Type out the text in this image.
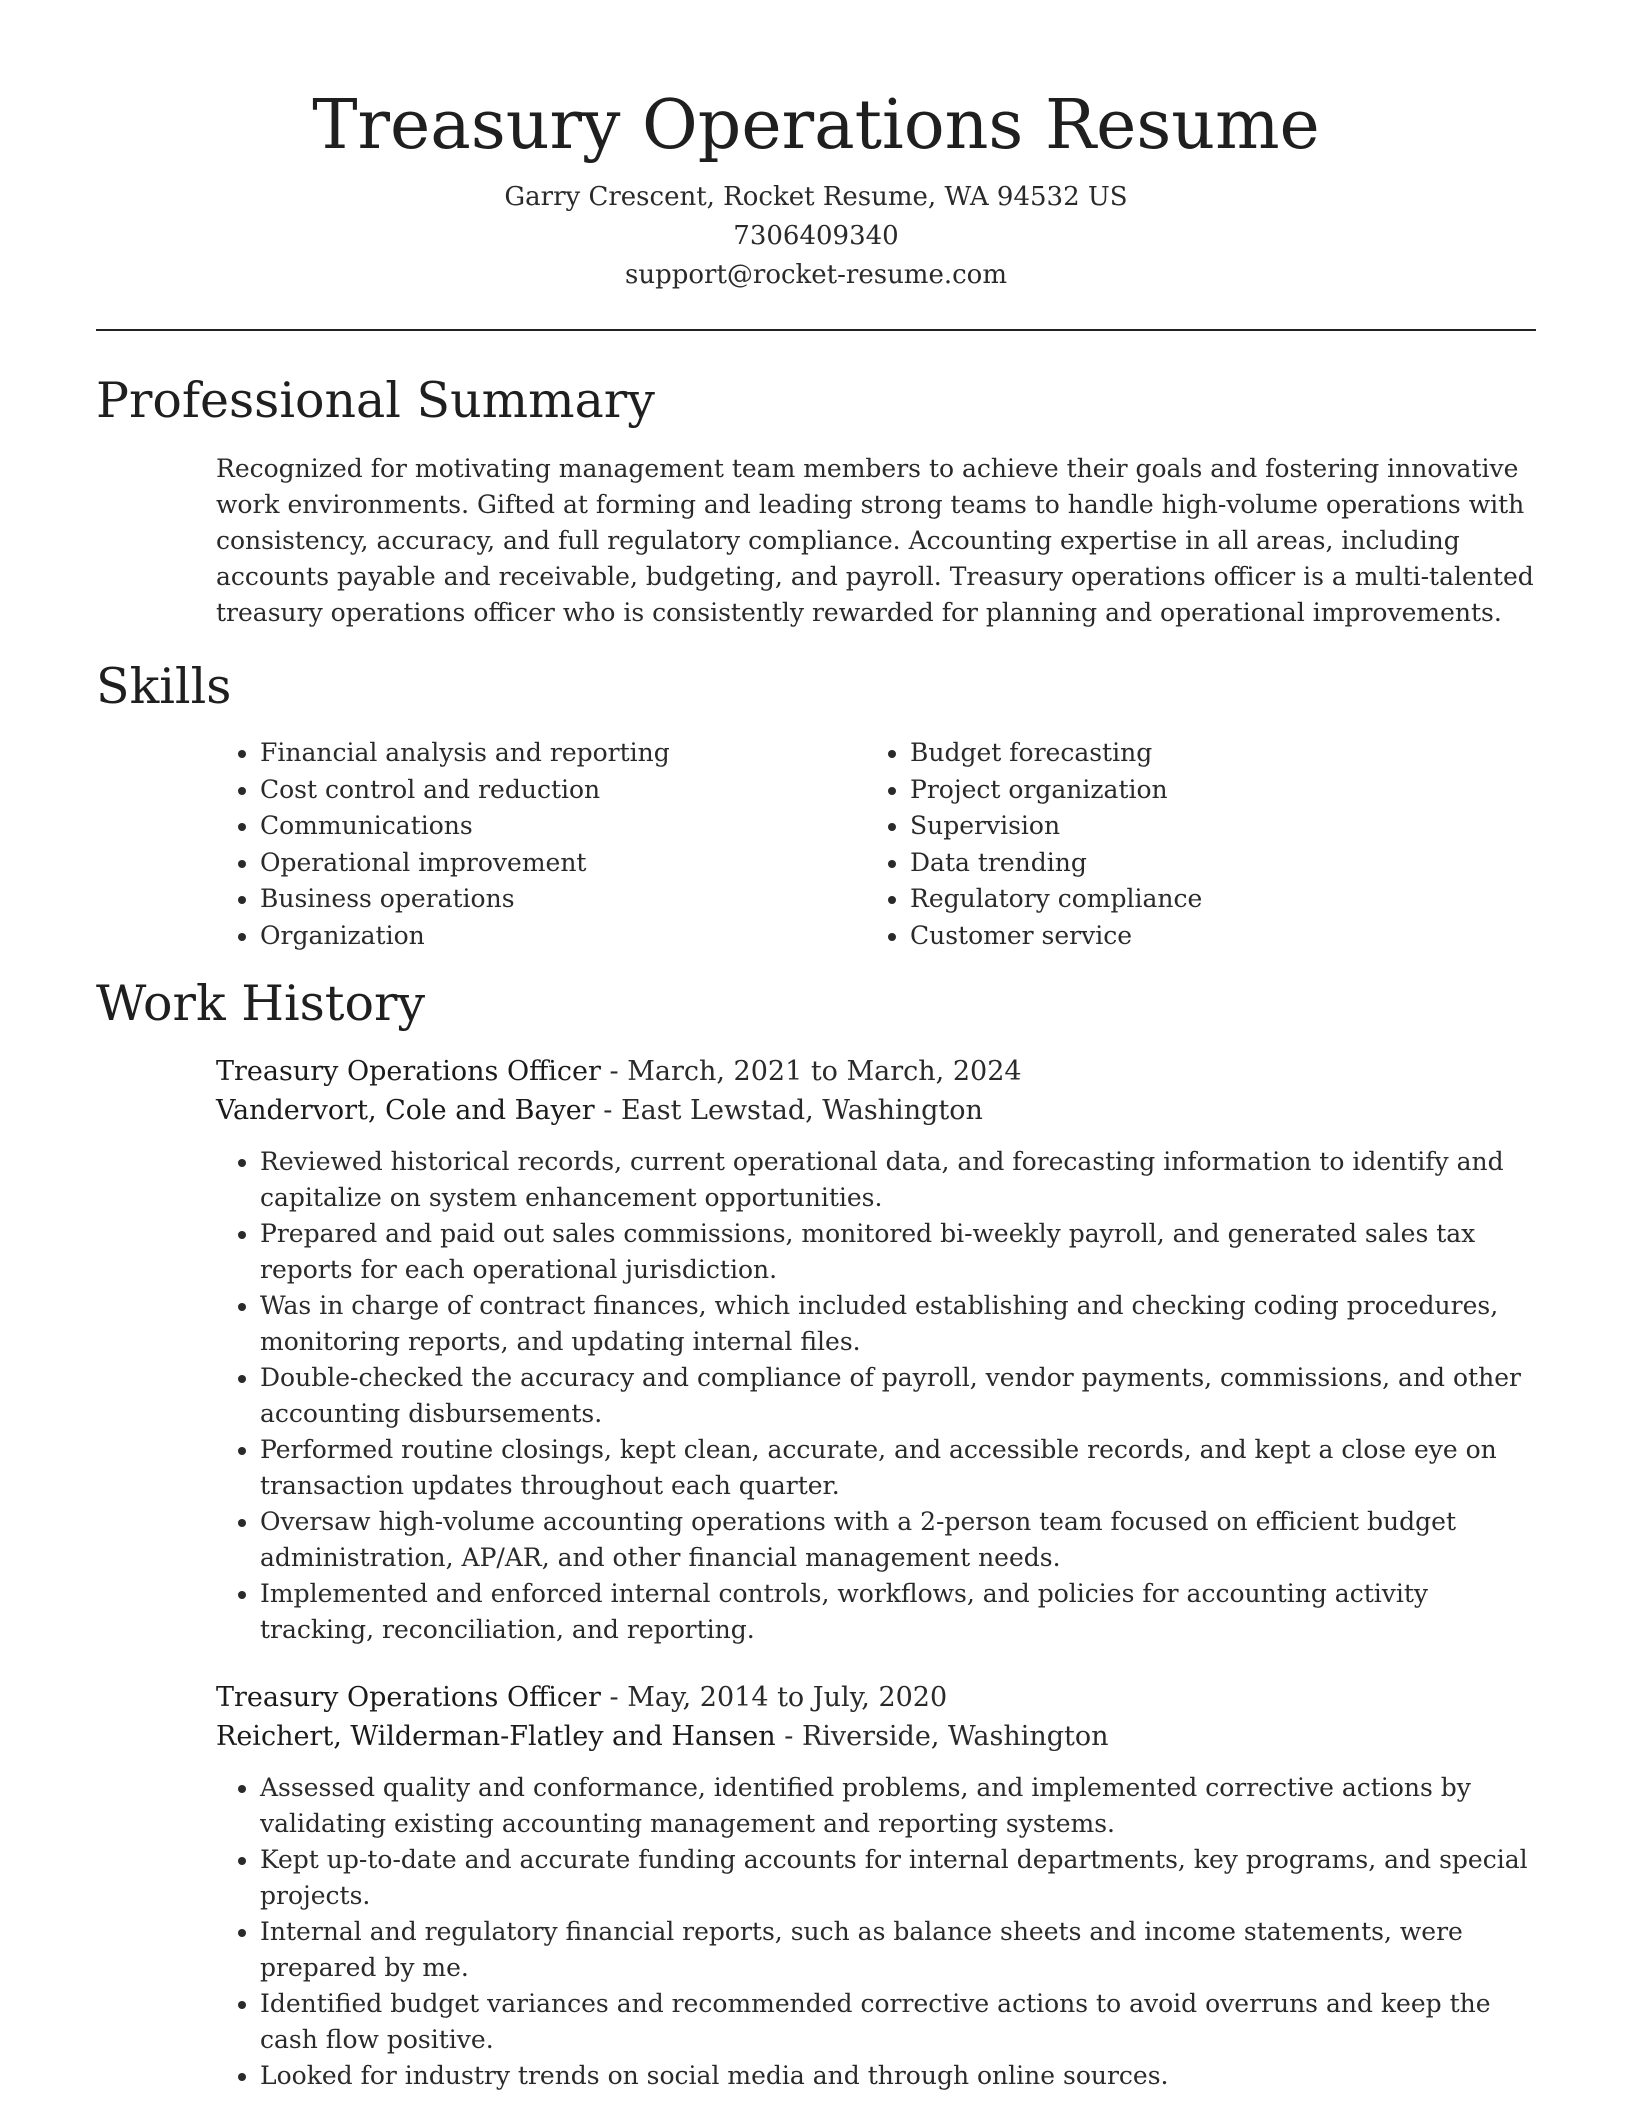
Treasury Operations Resume

Garry Crescent, Rocket Resume, WA 94532 US

7306409340

support@rocket-resume.com

Professional Summary

Recognized for motivating management team members to achieve their goals and fostering innovative work environments. Gifted at forming and leading strong teams to handle high-volume operations with consistency, accuracy, and full regulatory compliance. Accounting expertise in all areas, including accounts payable and receivable, budgeting, and payroll. Treasury operations officer is a multi-talented treasury operations officer who is consistently rewarded for planning and operational improvements.

Skills
• Financial analysis and reporting
• Cost control and reduction
• Communications
• Operational improvement
• Business operations
• Organization
• Budget forecasting
• Project organization
• Supervision
• Data trending
• Regulatory compliance
• Customer service
Work History

Treasury Operations Officer - March, 2021 to March, 2024

Vandervort, Cole and Bayer - East Lewstad, Washington

• Reviewed historical records, current operational data, and forecasting information to identify and capitalize on system enhancement opportunities.
• Prepared and paid out sales commissions, monitored bi-weekly payroll, and generated sales tax reports for each operational jurisdiction.
• Was in charge of contract finances, which included establishing and checking coding procedures, monitoring reports, and updating internal files.
• Double-checked the accuracy and compliance of payroll, vendor payments, commissions, and other accounting disbursements.
• Performed routine closings, kept clean, accurate, and accessible records, and kept a close eye on transaction updates throughout each quarter.
• Oversaw high-volume accounting operations with a 2-person team focused on efficient budget administration, AP/AR, and other financial management needs.
• Implemented and enforced internal controls, workflows, and policies for accounting activity tracking, reconciliation, and reporting.

Treasury Operations Officer - May, 2014 to July, 2020

Reichert, Wilderman-Flatley and Hansen - Riverside, Washington

• Assessed quality and conformance, identified problems, and implemented corrective actions by validating existing accounting management and reporting systems.
• Kept up-to-date and accurate funding accounts for internal departments, key programs, and special projects.
• Internal and regulatory financial reports, such as balance sheets and income statements, were prepared by me.
• Identified budget variances and recommended corrective actions to avoid overruns and keep the cash flow positive.
• Looked for industry trends on social media and through online sources.
